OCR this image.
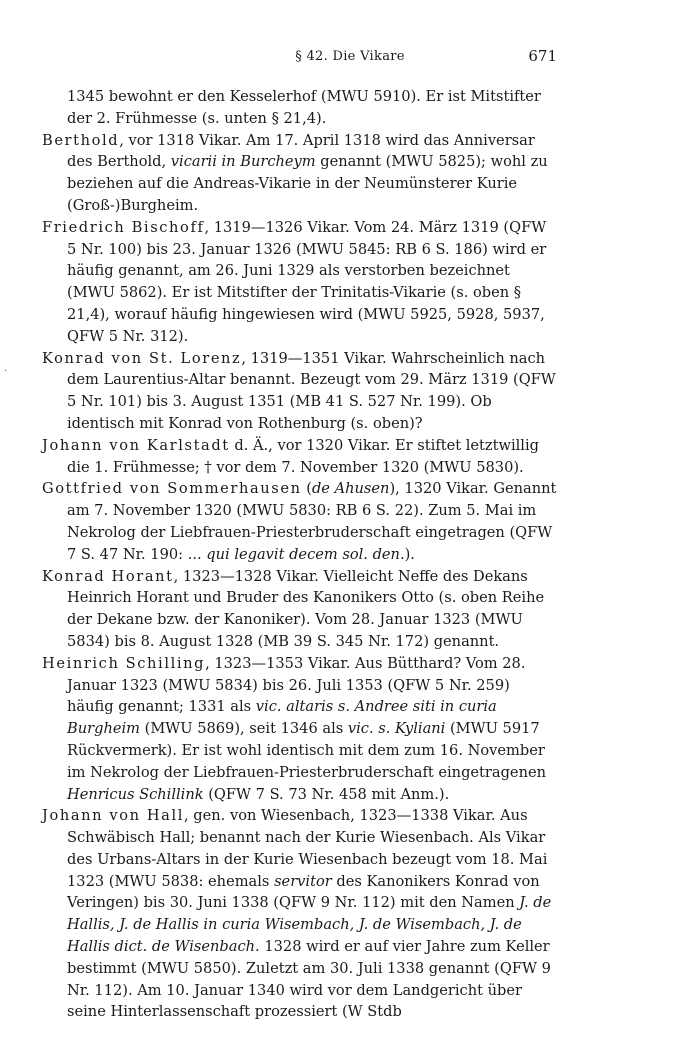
§ 42. Die Vikare	671
·

1345 bewohnt er den Kesselerhof (MWU 5910). Er ist Mitstifter der 2. Frühmesse (s. unten § 21,4).

Berthold, vor 1318 Vikar. Am 17. April 1318 wird das Anniversar des Berthold, vicarii in Burcheym genannt (MWU 5825); wohl zu beziehen auf die Andreas-Vikarie in der Neumünsterer Kurie (Groß-)Burgheim.

Friedrich Bischoff, 1319—1326 Vikar. Vom 24. März 1319 (QFW 5 Nr. 100) bis 23. Januar 1326 (MWU 5845: RB 6 S. 186) wird er häufig genannt, am 26. Juni 1329 als verstorben bezeichnet (MWU 5862). Er ist Mitstifter der Trinitatis-Vikarie (s. oben § 21,4), worauf häufig hingewiesen wird (MWU 5925, 5928, 5937, QFW 5 Nr. 312).

Konrad von St. Lorenz, 1319—1351 Vikar. Wahrscheinlich nach dem Laurentius-Altar benannt. Bezeugt vom 29. März 1319 (QFW 5 Nr. 101) bis 3. August 1351 (MB 41 S. 527 Nr. 199). Ob identisch mit Konrad von Rothenburg (s. oben)?

Johann von Karlstadt d. Ä., vor 1320 Vikar. Er stiftet letztwillig die 1. Frühmesse; † vor dem 7. November 1320 (MWU 5830).

Gottfried von Sommerhausen (de Ahusen), 1320 Vikar. Genannt am 7. November 1320 (MWU 5830: RB 6 S. 22). Zum 5. Mai im Nekrolog der Liebfrauen-Priesterbruderschaft eingetragen (QFW 7 S. 47 Nr. 190: ... qui legavit decem sol. den.).

Konrad Horant, 1323—1328 Vikar. Vielleicht Neffe des Dekans Heinrich Horant und Bruder des Kanonikers Otto (s. oben Reihe der Dekane bzw. der Kanoniker). Vom 28. Januar 1323 (MWU 5834) bis 8. August 1328 (MB 39 S. 345 Nr. 172) genannt.

Heinrich Schilling, 1323—1353 Vikar. Aus Bütthard? Vom 28. Januar 1323 (MWU 5834) bis 26. Juli 1353 (QFW 5 Nr. 259) häufig genannt; 1331 als vic. altaris s. Andree siti in curia Burgheim (MWU 5869), seit 1346 als vic. s. Kyliani (MWU 5917 Rückvermerk). Er ist wohl identisch mit dem zum 16. November im Nekrolog der Liebfrauen-Priesterbruderschaft eingetragenen Henricus Schillink (QFW 7 S. 73 Nr. 458 mit Anm.).

Johann von Hall, gen. von Wiesenbach, 1323—1338 Vikar. Aus Schwäbisch Hall; benannt nach der Kurie Wiesenbach. Als Vikar des Urbans-Altars in der Kurie Wiesenbach bezeugt vom 18. Mai 1323 (MWU 5838: ehemals servitor des Kanonikers Konrad von Veringen) bis 30. Juni 1338 (QFW 9 Nr. 112) mit den Namen J. de Hallis, J. de Hallis in curia Wisembach, J. de Wisembach, J. de Hallis dict. de Wisenbach. 1328 wird er auf vier Jahre zum Keller bestimmt (MWU 5850). Zuletzt am 30. Juli 1338 genannt (QFW 9 Nr. 112). Am 10. Januar 1340 wird vor dem Landgericht über seine Hinterlassenschaft prozessiert (W Stdb
